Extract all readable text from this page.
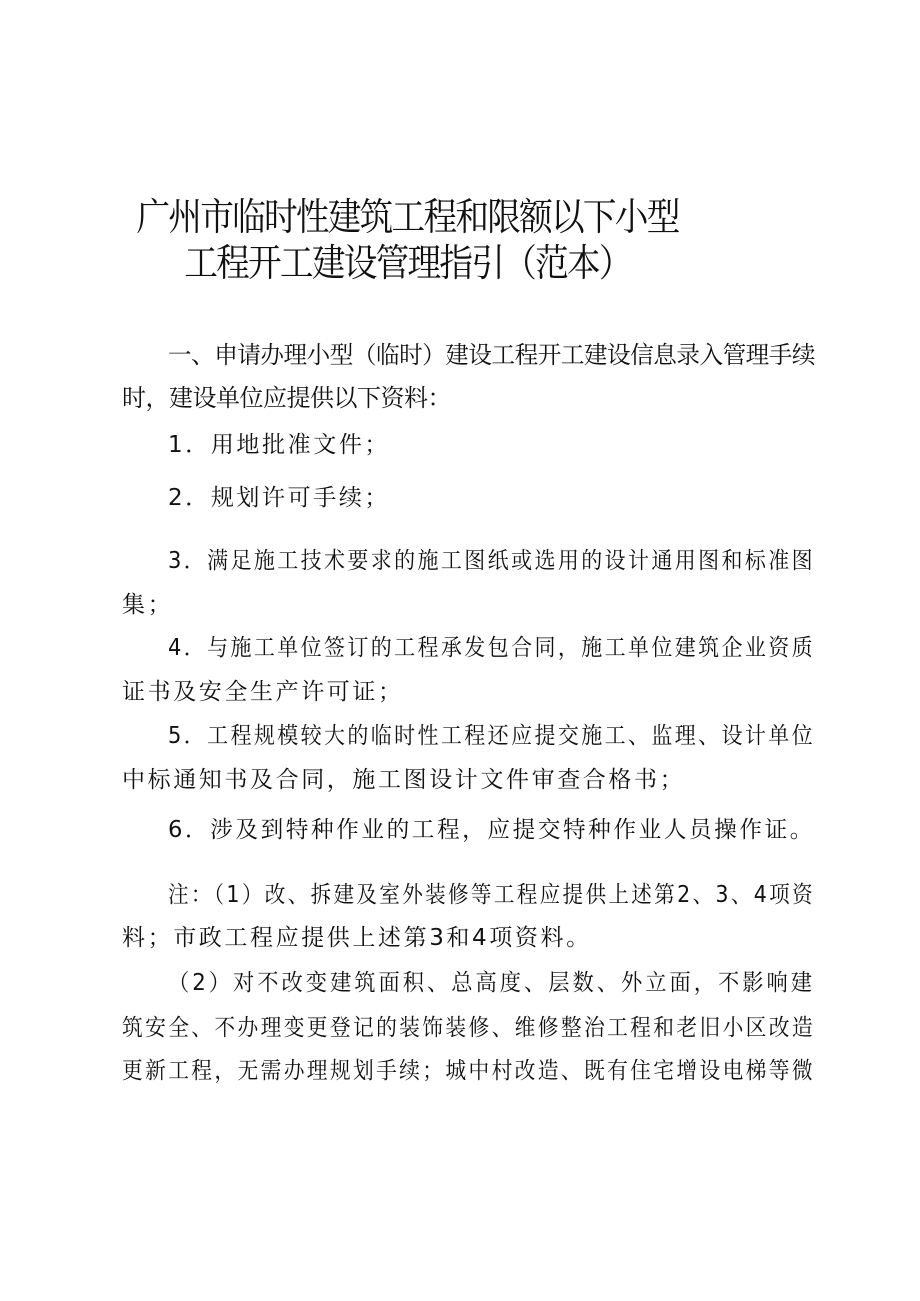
广州市临时性建筑工程和限额以下小型
工程开工建设管理指引（范本）
一、申请办理小型（临时）建设工程开工建设信息录入管理手续
时，建设单位应提供以下资料：
1．用地批准文件；
2．规划许可手续；
3．满足施工技术要求的施工图纸或选用的设计通用图和标准图
集；
4．与施工单位签订的工程承发包合同，施工单位建筑企业资质
证书及安全生产许可证；
5．工程规模较大的临时性工程还应提交施工、监理、设计单位
中标通知书及合同，施工图设计文件审查合格书；
6．涉及到特种作业的工程，应提交特种作业人员操作证。
注：（1）改、拆建及室外装修等工程应提供上述第2、3、4项资
料；市政工程应提供上述第3和4项资料。
（2）对不改变建筑面积、总高度、层数、外立面，不影响建
筑安全、不办理变更登记的装饰装修、维修整治工程和老旧小区改造
更新工程，无需办理规划手续；城中村改造、既有住宅增设电梯等微
